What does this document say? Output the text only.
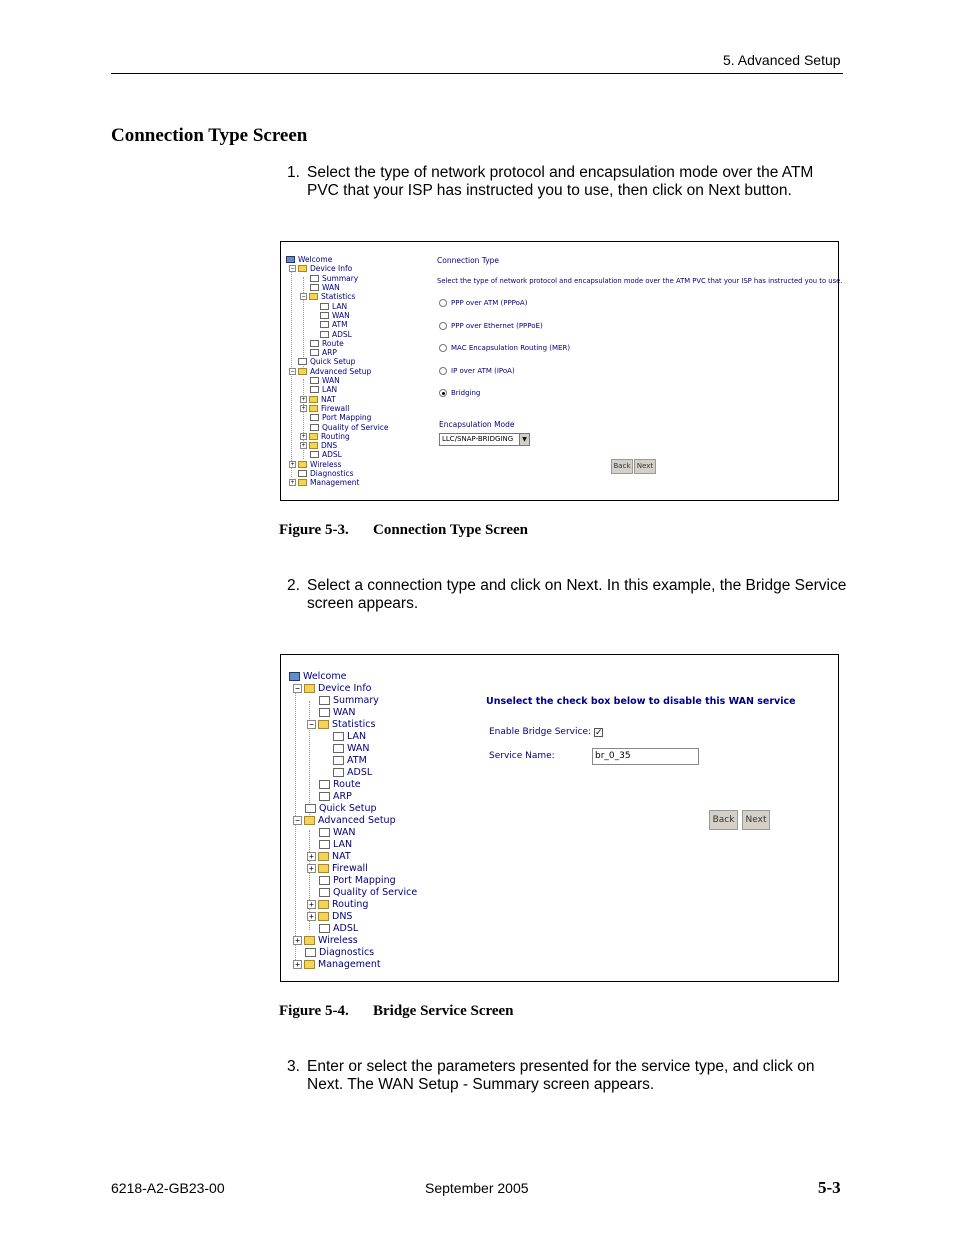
5. Advanced Setup
Connection Type Screen
1. Select the type of network protocol and encapsulation mode over the ATM PVC that your ISP has instructed you to use, then click on Next button.
Welcome
− Device Info
Summary
WAN
− Statistics
LAN
WAN
ATM
ADSL
Route
ARP
Quick Setup
− Advanced Setup
WAN
LAN
+ NAT
+ Firewall
Port Mapping
Quality of Service
+ Routing
+ DNS
ADSL
+ Wireless
Diagnostics
+ Management
Connection Type
Select the type of network protocol and encapsulation mode over the ATM PVC that your ISP has instructed you to use.
PPP over ATM (PPPoA)
PPP over Ethernet (PPPoE)
MAC Encapsulation Routing (MER)
IP over ATM (IPoA)
Bridging
Encapsulation Mode
LLC/SNAP-BRIDGING	▼
Back Next
Figure 5-3. Connection Type Screen
2. Select a connection type and click on Next. In this example, the Bridge Service screen appears.
Welcome
− Device Info
Summary
WAN
− Statistics
LAN
WAN
ATM
ADSL
Route
ARP
Quick Setup
− Advanced Setup
WAN
LAN
+ NAT
+ Firewall
Port Mapping
Quality of Service
+ Routing
+ DNS
ADSL
+ Wireless
Diagnostics
+ Management
Unselect the check box below to disable this WAN service
Enable Bridge Service: ✓
Service Name:	br_0_35
Back	Next
Figure 5-4. Bridge Service Screen
3. Enter or select the parameters presented for the service type, and click on Next. The WAN Setup - Summary screen appears.
6218-A2-GB23-00	September 2005	5-3
